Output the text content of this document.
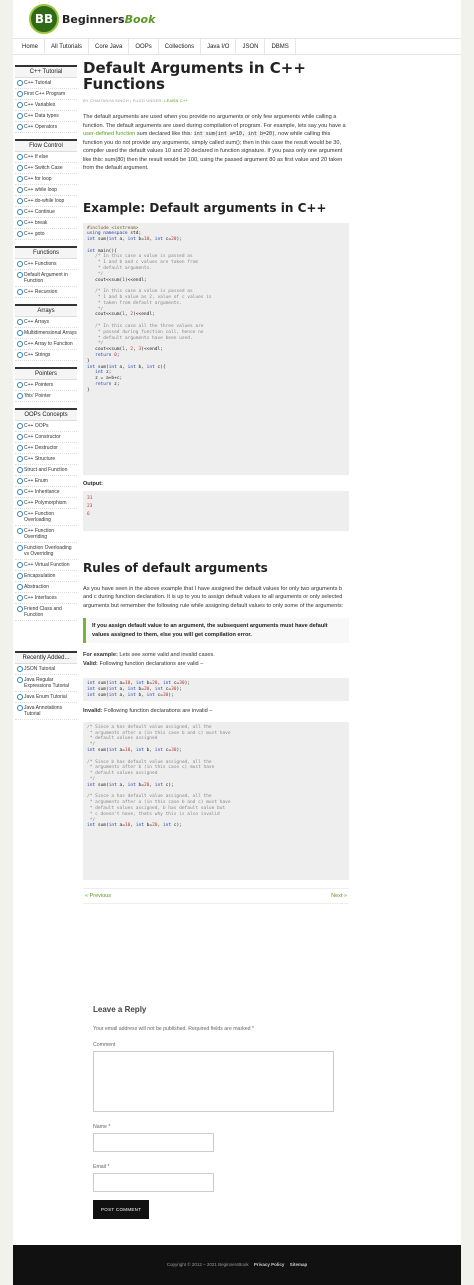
BB BeginnersBook
Home	All Tutorials	Core Java	OOPs	Collections	Java I/O	JSON	DBMS
C++ Tutorial
C++ Tutorial
First C++ Program
C++ Variables
C++ Data types
C++ Operators
Flow Control
C++ If else
C++ Switch Case
C++ for loop
C++ while loop
C++ do-while loop
C++ Continue
C++ break
C++ goto
Functions
C++ Functions
Default Argument in Function
C++ Recursion
Arrays
C++ Arrays
Multidimensional Arrays
C++ Array to Function
C++ Strings
Pointers
C++ Pointers
'this' Pointer
OOPs Concepts
C++ OOPs
C++ Constructor
C++ Destructor
C++ Structure
Struct and Function
C++ Enum
C++ Inheritance
C++ Polymorphism
C++ Function Overloading
C++ Function Overriding
Function Overloading vs Overriding
C++ Virtual Function
Encapsulation
Abstraction
C++ Interfaces
Friend Class and Function
Recently Added...
JSON Tutorial
Java Regular Expressions Tutorial
Java Enum Tutorial
Java Annotations Tutorial
Default Arguments in C++ Functions
BY CHAITANYA SINGH | FILED UNDER: LEARN C++

The default arguments are used when you provide no arguments or only few arguments while calling a function. The default arguments are used during compilation of program. For example, lets say you have a user-defined function sum declared like this: int sum(int a=10, int b=20), now while calling this function you do not provide any arguments, simply called sum(); then in this case the result would be 30, compiler used the default values 10 and 20 declared in function signature. If you pass only one argument like this: sum(80) then the result would be 100, using the passed argument 80 as first value and 20 taken from the default argument.

Example: Default arguments in C++
#include <iostream>
using namespace std;
int sum(int a, int b=10, int c=20);

int main(){
/* In this case a value is passed as
* 1 and b and c values are taken from
* default arguments.
*/
cout<<sum(1)<<endl;

/* In this case a value is passed as
* 1 and b value as 2, value of c values is
* taken from default arguments.
*/
cout<<sum(1, 2)<<endl;

/* In this case all the three values are
* passed during function call, hence no
* default arguments have been used.
*/
cout<<sum(1, 2, 3)<<endl;
return 0;
}
int sum(int a, int b, int c){
int z;
z = a+b+c;
return z;
}
Output:
31
23
6
Rules of default arguments

As you have seen in the above example that I have assigned the default values for only two arguments b and c during function declaration. It is up to you to assign default values to all arguments or only selected arguments but remember the following rule while assigning default values to only some of the arguments:

If you assign default value to an argument, the subsequent arguments must have default values assigned to them, else you will get compilation error.

For example: Lets see some valid and invalid cases.

Valid: Following function declarations are valid –

int sum(int a=10, int b=20, int c=30);
int sum(int a, int b=20, int c=30);
int sum(int a, int b, int c=30);

Invalid: Following function declarations are invalid –

/* Since a has default value assigned, all the
* arguments after a (in this case b and c) must have
* default values assigned
*/
int sum(int a=10, int b, int c=30);

/* Since b has default value assigned, all the
* arguments after b (in this case c) must have
* default values assigned
*/
int sum(int a, int b=20, int c);

/* Since a has default value assigned, all the
* arguments after a (in this case b and c) must have
* default values assigned, b has default value but
* c doesn't have, thats why this is also invalid
*/
int sum(int a=10, int b=20, int c);
« Previous	Next »
Leave a Reply
Your email address will not be published. Required fields are marked *
Comment
Name *
Email *
POST COMMENT
Copyright © 2012 – 2021 BeginnersBook Privacy Policy Sitemap
